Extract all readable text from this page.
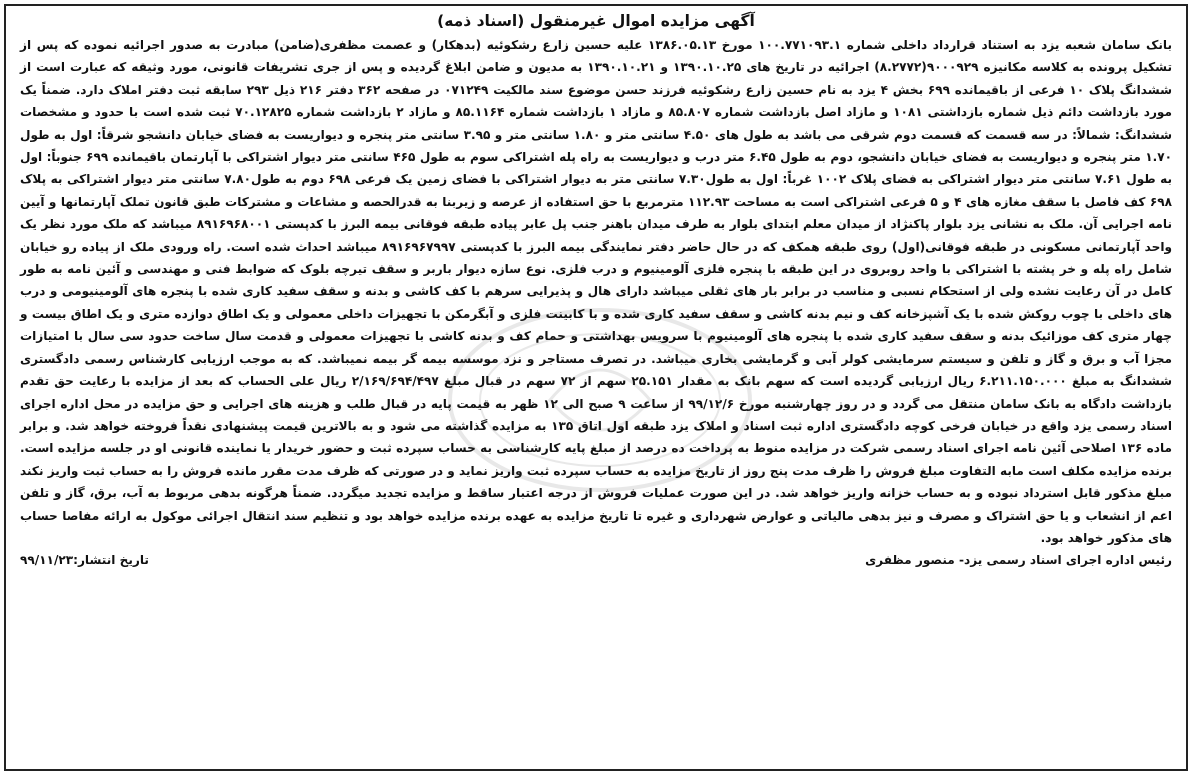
آگهی مزایده اموال غیرمنقول (اسناد ذمه)

بانک سامان شعبه یزد به استناد قرارداد داخلی شماره ۱۰۰.۷۷۱۰۹۳.۱ مورخ ۱۳۸۶.۰۵.۱۳ علیه حسین زارع رشکوئیه (بدهکار) و عصمت مظفری(ضامن) مبادرت به صدور اجرائیه نموده که پس از تشکیل پرونده به کلاسه مکانیزه ۹۰۰۰۹۲۹(۸.۲۷۷۲) اجرائیه در تاریخ های ۱۳۹۰.۱۰.۲۵ و ۱۳۹۰.۱۰.۲۱ به مدیون و ضامن ابلاغ گردیده و پس از جری تشریفات قانونی، مورد وثیقه که عبارت است از ششدانگ پلاک ۱۰ فرعی از باقیمانده ۶۹۹ بخش ۴ یزد به نام حسین زارع رشکوئیه فرزند حسن موضوع سند مالکیت ۰۷۱۲۴۹ در صفحه ۳۶۲ دفتر ۲۱۶ ذیل ۲۹۳ سابقه ثبت دفتر املاک دارد. ضمناً یک مورد بازداشت دائم ذیل شماره بازداشتی ۱۰۸۱ و مازاد اصل بازداشت شماره ۸۵.۸۰۷ و مازاد ۱ بازداشت شماره ۸۵.۱۱۶۴ و مازاد ۲ بازداشت شماره ۷۰.۱۲۸۲۵ ثبت شده است با حدود و مشخصات ششدانگ: شمالاً: در سه قسمت که قسمت دوم شرقی می باشد به طول های ۴.۵۰ سانتی متر و ۱.۸۰ سانتی متر و ۳.۹۵ سانتی متر پنجره و دیواریست به فضای خیابان دانشجو شرقاً: اول به طول ۱.۷۰ متر پنجره و دیواریست به فضای خیابان دانشجو، دوم به طول ۶.۴۵ متر درب و دیواریست به راه پله اشتراکی سوم به طول ۴۶۵ سانتی متر دیوار اشتراکی با آپارتمان باقیمانده ۶۹۹ جنوباً: اول به طول ۷.۶۱ سانتی متر دیوار اشتراکی به فضای پلاک ۱۰۰۲ غرباً: اول به طول۷.۳۰ سانتی متر به دیوار اشتراکی با فضای زمین یک فرعی ۶۹۸ دوم به طول۷.۸۰ سانتی متر دیوار اشتراکی به پلاک ۶۹۸ کف فاصل با سقف مغازه های ۴ و ۵ فرعی اشتراکی است به مساحت ۱۱۲.۹۳ مترمربع با حق استفاده از عرصه و زیربنا به قدرالحصه و مشاعات و مشترکات طبق قانون تملک آپارتمانها و آیین نامه اجرایی آن. ملک به نشانی یزد بلوار پاکنژاد از میدان معلم ابتدای بلوار به طرف میدان باهنر جنب پل عابر پیاده طبقه فوقانی بیمه البرز با کدپستی ۸۹۱۶۹۶۸۰۰۱ میباشد که ملک مورد نظر یک واحد آپارتمانی مسکونی در طبقه فوقانی(اول) روی طبقه همکف که در حال حاضر دفتر نمایندگی بیمه البرز با کدپستی ۸۹۱۶۹۶۷۹۹۷ میباشد احداث شده است. راه ورودی ملک از پیاده رو خیابان شامل راه پله و خر پشته با اشتراکی با واحد روبروی در این طبقه با پنجره فلزی آلومینیوم و درب فلزی. نوع سازه دیوار باربر و سقف تیرچه بلوک که ضوابط فنی و مهندسی و آئین نامه به طور کامل در آن رعایت نشده ولی از استحکام نسبی و مناسب در برابر بار های ثقلی میباشد دارای هال و پذیرایی سرهم با کف کاشی و بدنه و سقف سفید کاری شده با پنجره های آلومینیومی و درب های داخلی با چوب روکش شده با یک آشپزخانه کف و نیم بدنه کاشی و سقف سفید کاری شده و با کابینت فلزی و آبگرمکن با تجهیزات داخلی معمولی و یک اطاق دوازده متری و یک اطاق بیست و چهار متری کف موزائیک بدنه و سقف سفید کاری شده با پنجره های آلومینیوم با سرویس بهداشتی و حمام کف و بدنه کاشی با تجهیزات معمولی و قدمت سال ساخت حدود سی سال با امتیازات مجزا آب و برق و گاز و تلفن و سیستم سرمایشی کولر آبی و گرمایشی بخاری میباشد. در تصرف مستاجر و نزد موسسه بیمه گر بیمه نمیباشد. که به موجب ارزیابی کارشناس رسمی دادگستری ششدانگ به مبلغ ۶.۲۱۱.۱۵۰.۰۰۰ ریال ارزیابی گردیده است که سهم بانک به مقدار ۲۵.۱۵۱ سهم از ۷۲ سهم در قبال مبلغ ۲/۱۶۹/۶۹۴/۴۹۷ ریال علی الحساب که بعد از مزایده با رعایت حق تقدم بازداشت دادگاه به بانک سامان منتقل می گردد و در روز چهارشنبه مورخ ۹۹/۱۲/۶ از ساعت ۹ صبح الی ۱۲ ظهر به قیمت پایه در قبال طلب و هزینه های اجرایی و حق مزایده در محل اداره اجرای اسناد رسمی یزد واقع در خیابان فرخی کوچه دادگستری اداره ثبت اسناد و املاک یزد طبقه اول اتاق ۱۳۵ به مزایده گذاشته می شود و به بالاترین قیمت پیشنهادی نقداً فروخته خواهد شد. و برابر ماده ۱۳۶ اصلاحی آئین نامه اجرای اسناد رسمی شرکت در مزایده منوط به پرداخت ده درصد از مبلغ پایه کارشناسی به حساب سپرده ثبت و حضور خریدار یا نماینده قانونی او در جلسه مزایده است. برنده مزایده مکلف است مابه التفاوت مبلغ فروش را ظرف مدت پنج روز از تاریخ مزایده به حساب سپرده ثبت واریز نماید و در صورتی که ظرف مدت مقرر مانده فروش را به حساب ثبت واریز نکند مبلغ مذکور قابل استرداد نبوده و به حساب خزانه واریز خواهد شد. در این صورت عملیات فروش از درجه اعتبار ساقط و مزایده تجدید میگردد. ضمناً هرگونه بدهی مربوط به آب، برق، گاز و تلفن اعم از انشعاب و یا حق اشتراک و مصرف و نیز بدهی مالیاتی و عوارض شهرداری و غیره تا تاریخ مزایده به عهده برنده مزایده خواهد بود و تنظیم سند انتقال اجرائی موکول به ارائه مفاصا حساب های مذکور خواهد بود.

رئیس اداره اجرای اسناد رسمی یزد- منصور مظفری
تاریخ انتشار:۹۹/۱۱/۲۳
